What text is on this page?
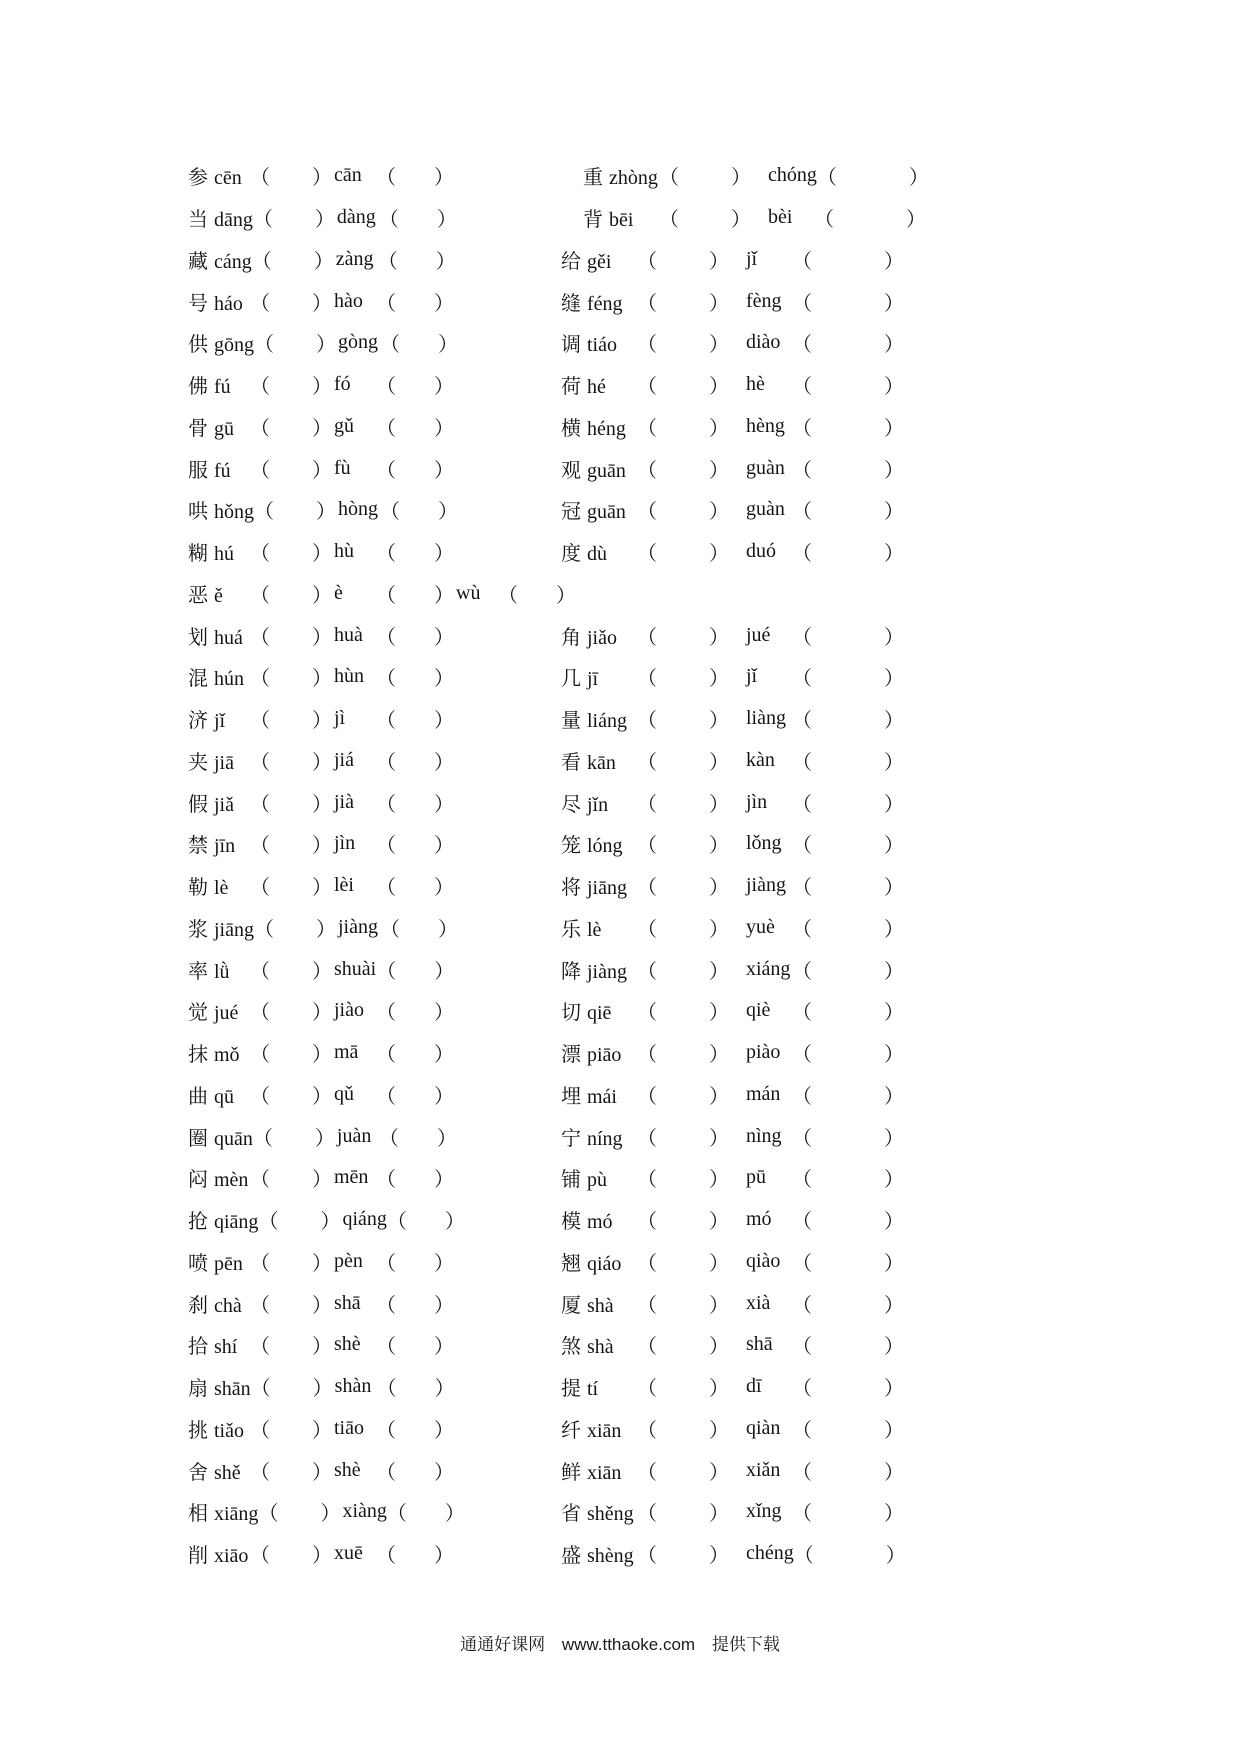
参 cēn （ ） cān （ ）	重 zhòng （	） chóng （	）
当 dāng （ ） dàng （ ）	背 bēi	（	） bèi	（	）
藏 cáng （ ） zàng （ ）	给 gěi	（	） jǐ	（	）
号 háo （ ） hào （ ）	缝 féng （	） fèng （	）
供 gōng （ ） gòng （ ）	调 tiáo	（	） diào （	）
佛 fú （ ） fó	（ ）	荷 hé	（	） hè	（	）
骨 gū （ ） gǔ	（ ）	横 héng （	） hèng （	）
服 fú （ ） fù	（ ）	观 guān （	） guàn （	）
哄 hǒng （ ） hòng （ ）	冠 guān （	） guàn （	）
糊 hú （ ） hù	（ ）	度 dù	（	） duó （	）
恶 ě	（ ） è	（ ） wù （ ）
划 huá （ ） huà （ ）	角 jiǎo	（	） jué	（	）
混 hún （ ） hùn （ ）	几 jī	（	） jǐ	（	）
济 jǐ	（ ） jì	（ ）	量 liáng （	） liàng （	）
夹 jiā （ ） jiá	（ ）	看 kān	（	） kàn （	）
假 jiǎ （ ） jià	（ ）	尽 jǐn	（	） jìn	（	）
禁 jīn （ ） jìn	（ ）	笼 lóng （	） lǒng （	）
勒 lè	（ ） lèi	（ ）	将 jiāng （	） jiàng （	）
浆 jiāng （ ） jiàng （ ）	乐 lè	（	） yuè （	）
率 lǜ	（ ） shuài （ ）	降 jiàng （	） xiáng （	）
觉 jué （ ） jiào （ ）	切 qiē	（	） qiè	（	）
抹 mǒ （ ） mā （ ）	漂 piāo （	） piào （	）
曲 qū （ ） qǔ	（ ）	埋 mái	（	） mán （	）
圈 quān （ ） juàn （ ）	宁 níng （	） nìng （	）
闷 mèn （ ） mēn （ ）	铺 pù	（	） pū	（	）
抢 qiāng （ ） qiáng （ ）	模 mó	（	） mó	（	）
喷 pēn （ ） pèn （ ）	翘 qiáo （	） qiào （	）
刹 chà （ ） shā （ ）	厦 shà	（	） xià	（	）
拾 shí （ ） shè （ ）	煞 shà	（	） shā （	）
扇 shān （ ） shàn （ ）	提 tí	（	） dī	（	）
挑 tiǎo （ ） tiāo （ ）	纤 xiān （	） qiàn （	）
舍 shě （ ） shè （ ）	鲜 xiān （	） xiǎn （	）
相 xiāng （ ） xiàng （ ）	省 shěng （	） xǐng （	）
削 xiāo （ ） xuē （ ）	盛 shèng （	） chéng （	）
通通好课网 www.tthaoke.com 提供下载
